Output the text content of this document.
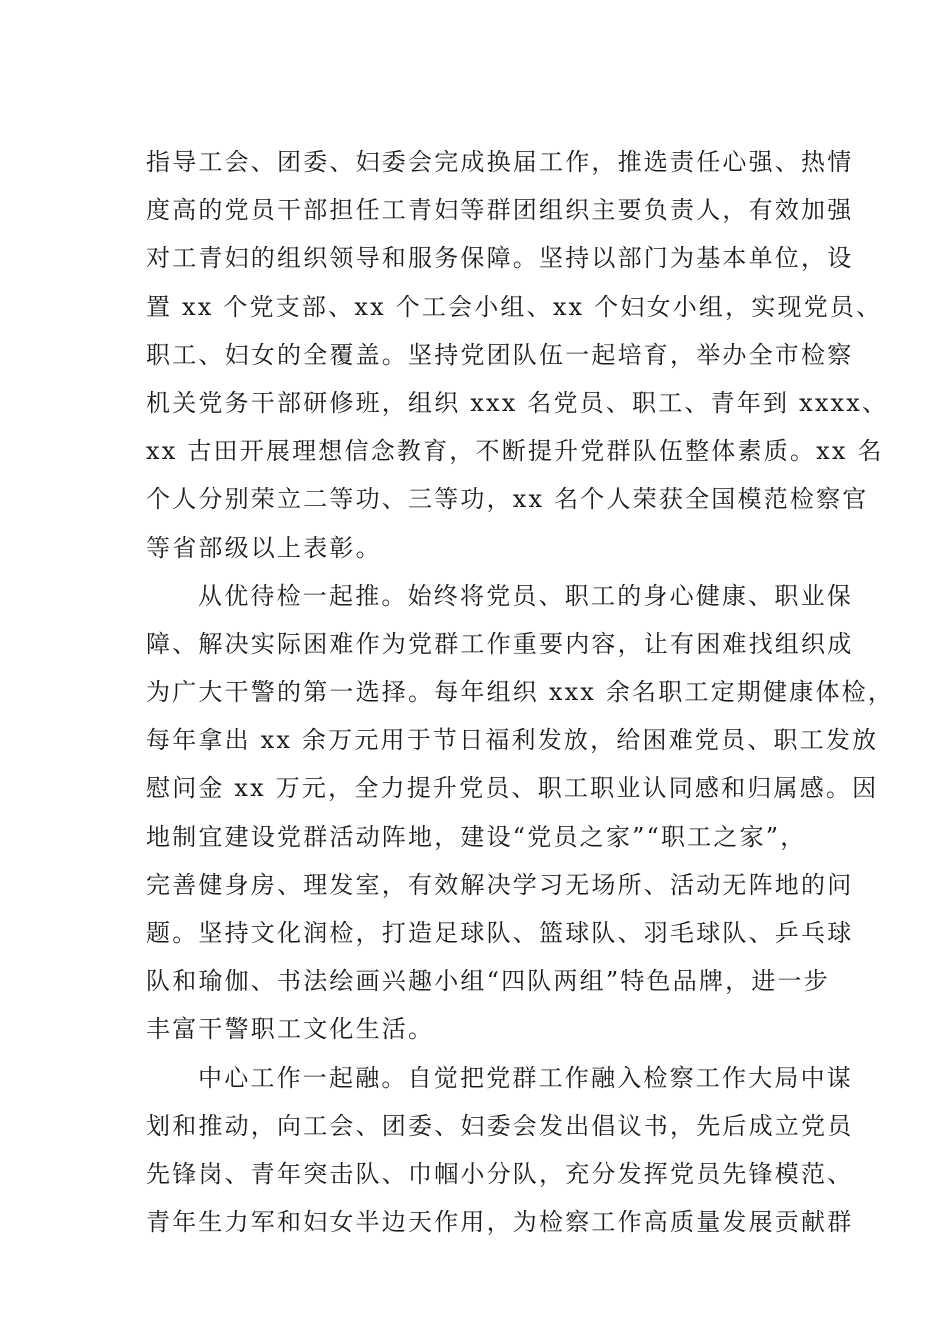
指导工会、团委、妇委会完成换届工作，推选责任心强、热情
度高的党员干部担任工青妇等群团组织主要负责人，有效加强
对工青妇的组织领导和服务保障。坚持以部门为基本单位，设
置 xx 个党支部、xx 个工会小组、xx 个妇女小组，实现党员、
职工、妇女的全覆盖。坚持党团队伍一起培育，举办全市检察
机关党务干部研修班，组织 xxx 名党员、职工、青年到 xxxx、
xx 古田开展理想信念教育，不断提升党群队伍整体素质。xx 名
个人分别荣立二等功、三等功，xx 名个人荣获全国模范检察官
等省部级以上表彰。
从优待检一起推。始终将党员、职工的身心健康、职业保
障、解决实际困难作为党群工作重要内容，让有困难找组织成
为广大干警的第一选择。每年组织 xxx 余名职工定期健康体检，
每年拿出 xx 余万元用于节日福利发放，给困难党员、职工发放
慰问金 xx 万元，全力提升党员、职工职业认同感和归属感。因
地制宜建设党群活动阵地，建设“党员之家”“职工之家”，
完善健身房、理发室，有效解决学习无场所、活动无阵地的问
题。坚持文化润检，打造足球队、篮球队、羽毛球队、乒乓球
队和瑜伽、书法绘画兴趣小组“四队两组”特色品牌，进一步
丰富干警职工文化生活。
中心工作一起融。自觉把党群工作融入检察工作大局中谋
划和推动，向工会、团委、妇委会发出倡议书，先后成立党员
先锋岗、青年突击队、巾帼小分队，充分发挥党员先锋模范、
青年生力军和妇女半边天作用，为检察工作高质量发展贡献群
